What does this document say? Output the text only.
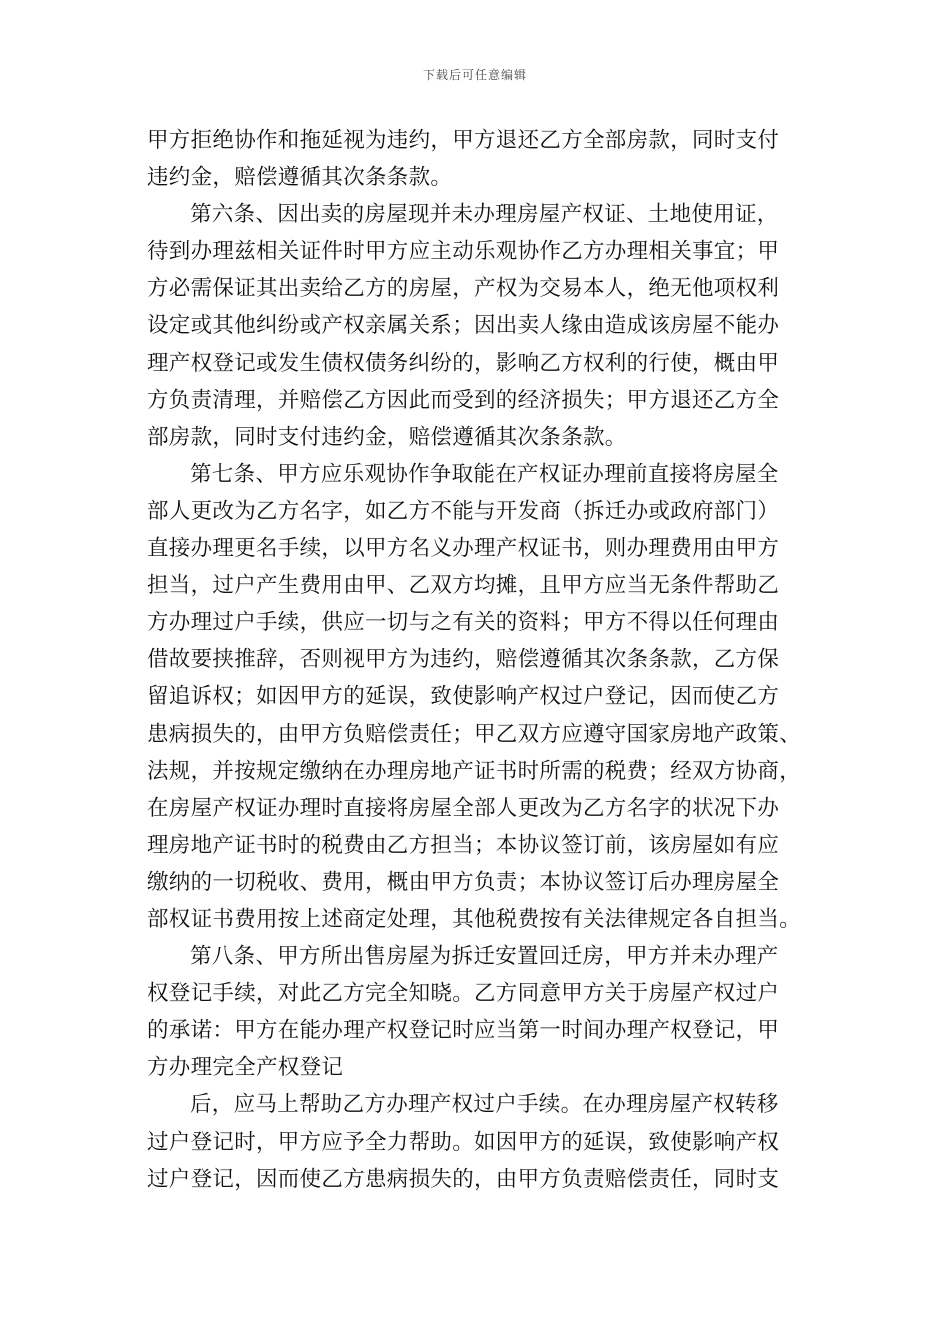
下载后可任意编辑
甲方拒绝协作和拖延视为违约，甲方退还乙方全部房款，同时支付
违约金，赔偿遵循其次条条款。
第六条、因出卖的房屋现并未办理房屋产权证、土地使用证，
待到办理兹相关证件时甲方应主动乐观协作乙方办理相关事宜；甲
方必需保证其出卖给乙方的房屋，产权为交易本人，绝无他项权利
设定或其他纠纷或产权亲属关系；因出卖人缘由造成该房屋不能办
理产权登记或发生债权债务纠纷的，影响乙方权利的行使，概由甲
方负责清理，并赔偿乙方因此而受到的经济损失；甲方退还乙方全
部房款，同时支付违约金，赔偿遵循其次条条款。
第七条、甲方应乐观协作争取能在产权证办理前直接将房屋全
部人更改为乙方名字，如乙方不能与开发商（拆迁办或政府部门）
直接办理更名手续，以甲方名义办理产权证书，则办理费用由甲方
担当，过户产生费用由甲、乙双方均摊，且甲方应当无条件帮助乙
方办理过户手续，供应一切与之有关的资料；甲方不得以任何理由
借故要挟推辞，否则视甲方为违约，赔偿遵循其次条条款，乙方保
留追诉权；如因甲方的延误，致使影响产权过户登记，因而使乙方
患病损失的，由甲方负赔偿责任；甲乙双方应遵守国家房地产政策、
法规，并按规定缴纳在办理房地产证书时所需的税费；经双方协商，
在房屋产权证办理时直接将房屋全部人更改为乙方名字的状况下办
理房地产证书时的税费由乙方担当；本协议签订前，该房屋如有应
缴纳的一切税收、费用，概由甲方负责；本协议签订后办理房屋全
部权证书费用按上述商定处理，其他税费按有关法律规定各自担当。
第八条、甲方所出售房屋为拆迁安置回迁房，甲方并未办理产
权登记手续，对此乙方完全知晓。乙方同意甲方关于房屋产权过户
的承诺：甲方在能办理产权登记时应当第一时间办理产权登记，甲
方办理完全产权登记
后，应马上帮助乙方办理产权过户手续。在办理房屋产权转移
过户登记时，甲方应予全力帮助。如因甲方的延误，致使影响产权
过户登记，因而使乙方患病损失的，由甲方负责赔偿责任，同时支
